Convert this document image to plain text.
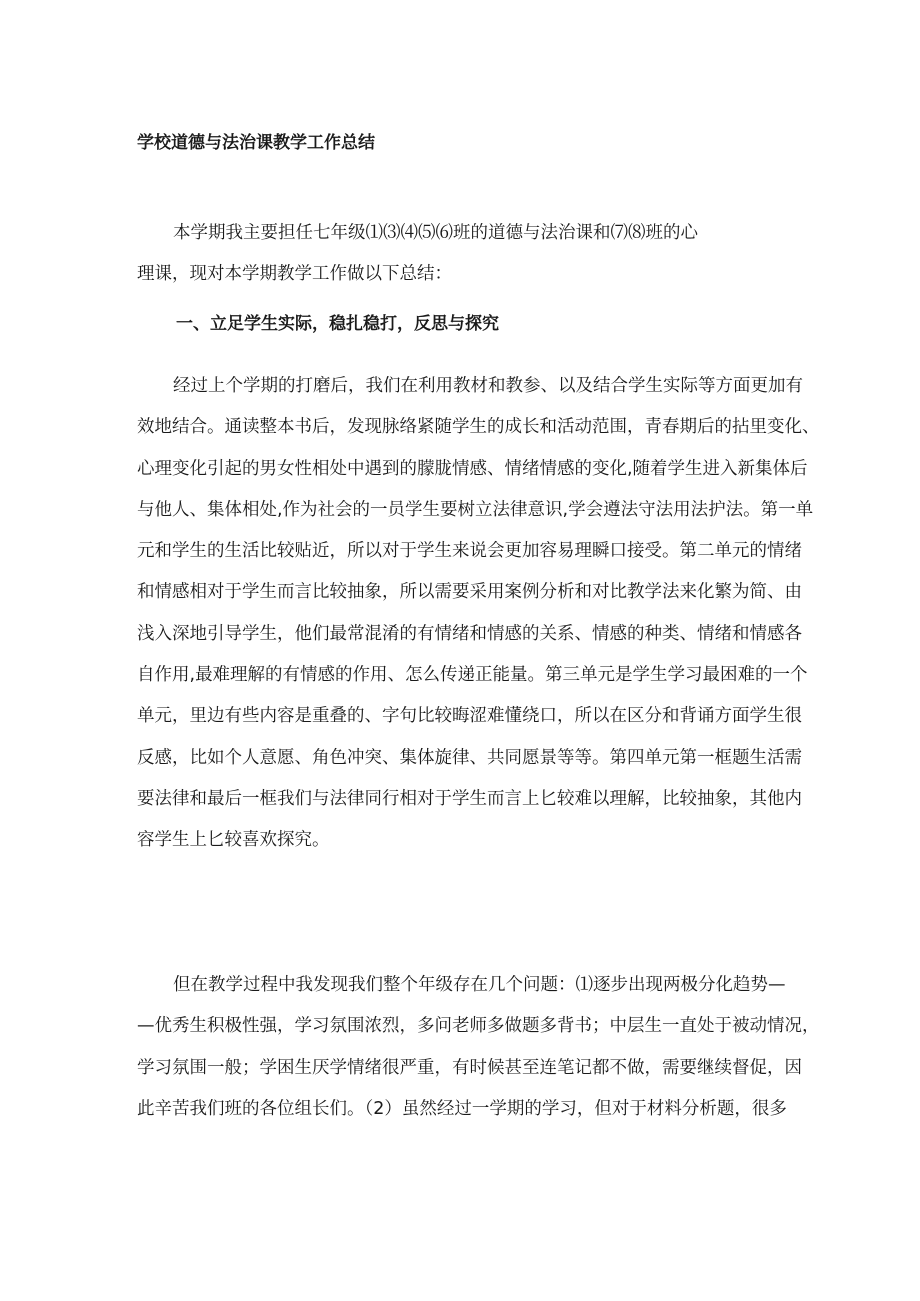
学校道德与法治课教学工作总结
本学期我主要担任七年级⑴⑶⑷⑸⑹班的道德与法治课和⑺⑻班的心
理课，现对本学期教学工作做以下总结：
一、立足学生实际，稳扎稳打，反思与探究
经过上个学期的打磨后，我们在利用教材和教参、以及结合学生实际等方面更加有
效地结合。通读整本书后，发现脉络紧随学生的成长和活动范围，青春期后的拈里变化、
心理变化引起的男女性相处中遇到的朦胧情感、情绪情感的变化,随着学生进入新集体后
与他人、集体相处,作为社会的一员学生要树立法律意识,学会遵法守法用法护法。第一单
元和学生的生活比较贴近，所以对于学生来说会更加容易理瞬口接受。第二单元的情绪
和情感相对于学生而言比较抽象，所以需要采用案例分析和对比教学法来化繁为简、由
浅入深地引导学生，他们最常混淆的有情绪和情感的关系、情感的种类、情绪和情感各
自作用,最难理解的有情感的作用、怎么传递正能量。第三单元是学生学习最困难的一个
单元，里边有些内容是重叠的、字句比较晦涩难懂绕口，所以在区分和背诵方面学生很
反感，比如个人意愿、角色冲突、集体旋律、共同愿景等等。第四单元第一框题生活需
要法律和最后一框我们与法律同行相对于学生而言上匕较难以理解，比较抽象，其他内
容学生上匕较喜欢探究。
但在教学过程中我发现我们整个年级存在几个问题：⑴逐步出现两极分化趋势—
—优秀生积极性强，学习氛围浓烈，多问老师多做题多背书；中层生一直处于被动情况，
学习氛围一般；学困生厌学情绪很严重，有时候甚至连笔记都不做，需要继续督促，因
此辛苦我们班的各位组长们。（2）虽然经过一学期的学习，但对于材料分析题，很多
